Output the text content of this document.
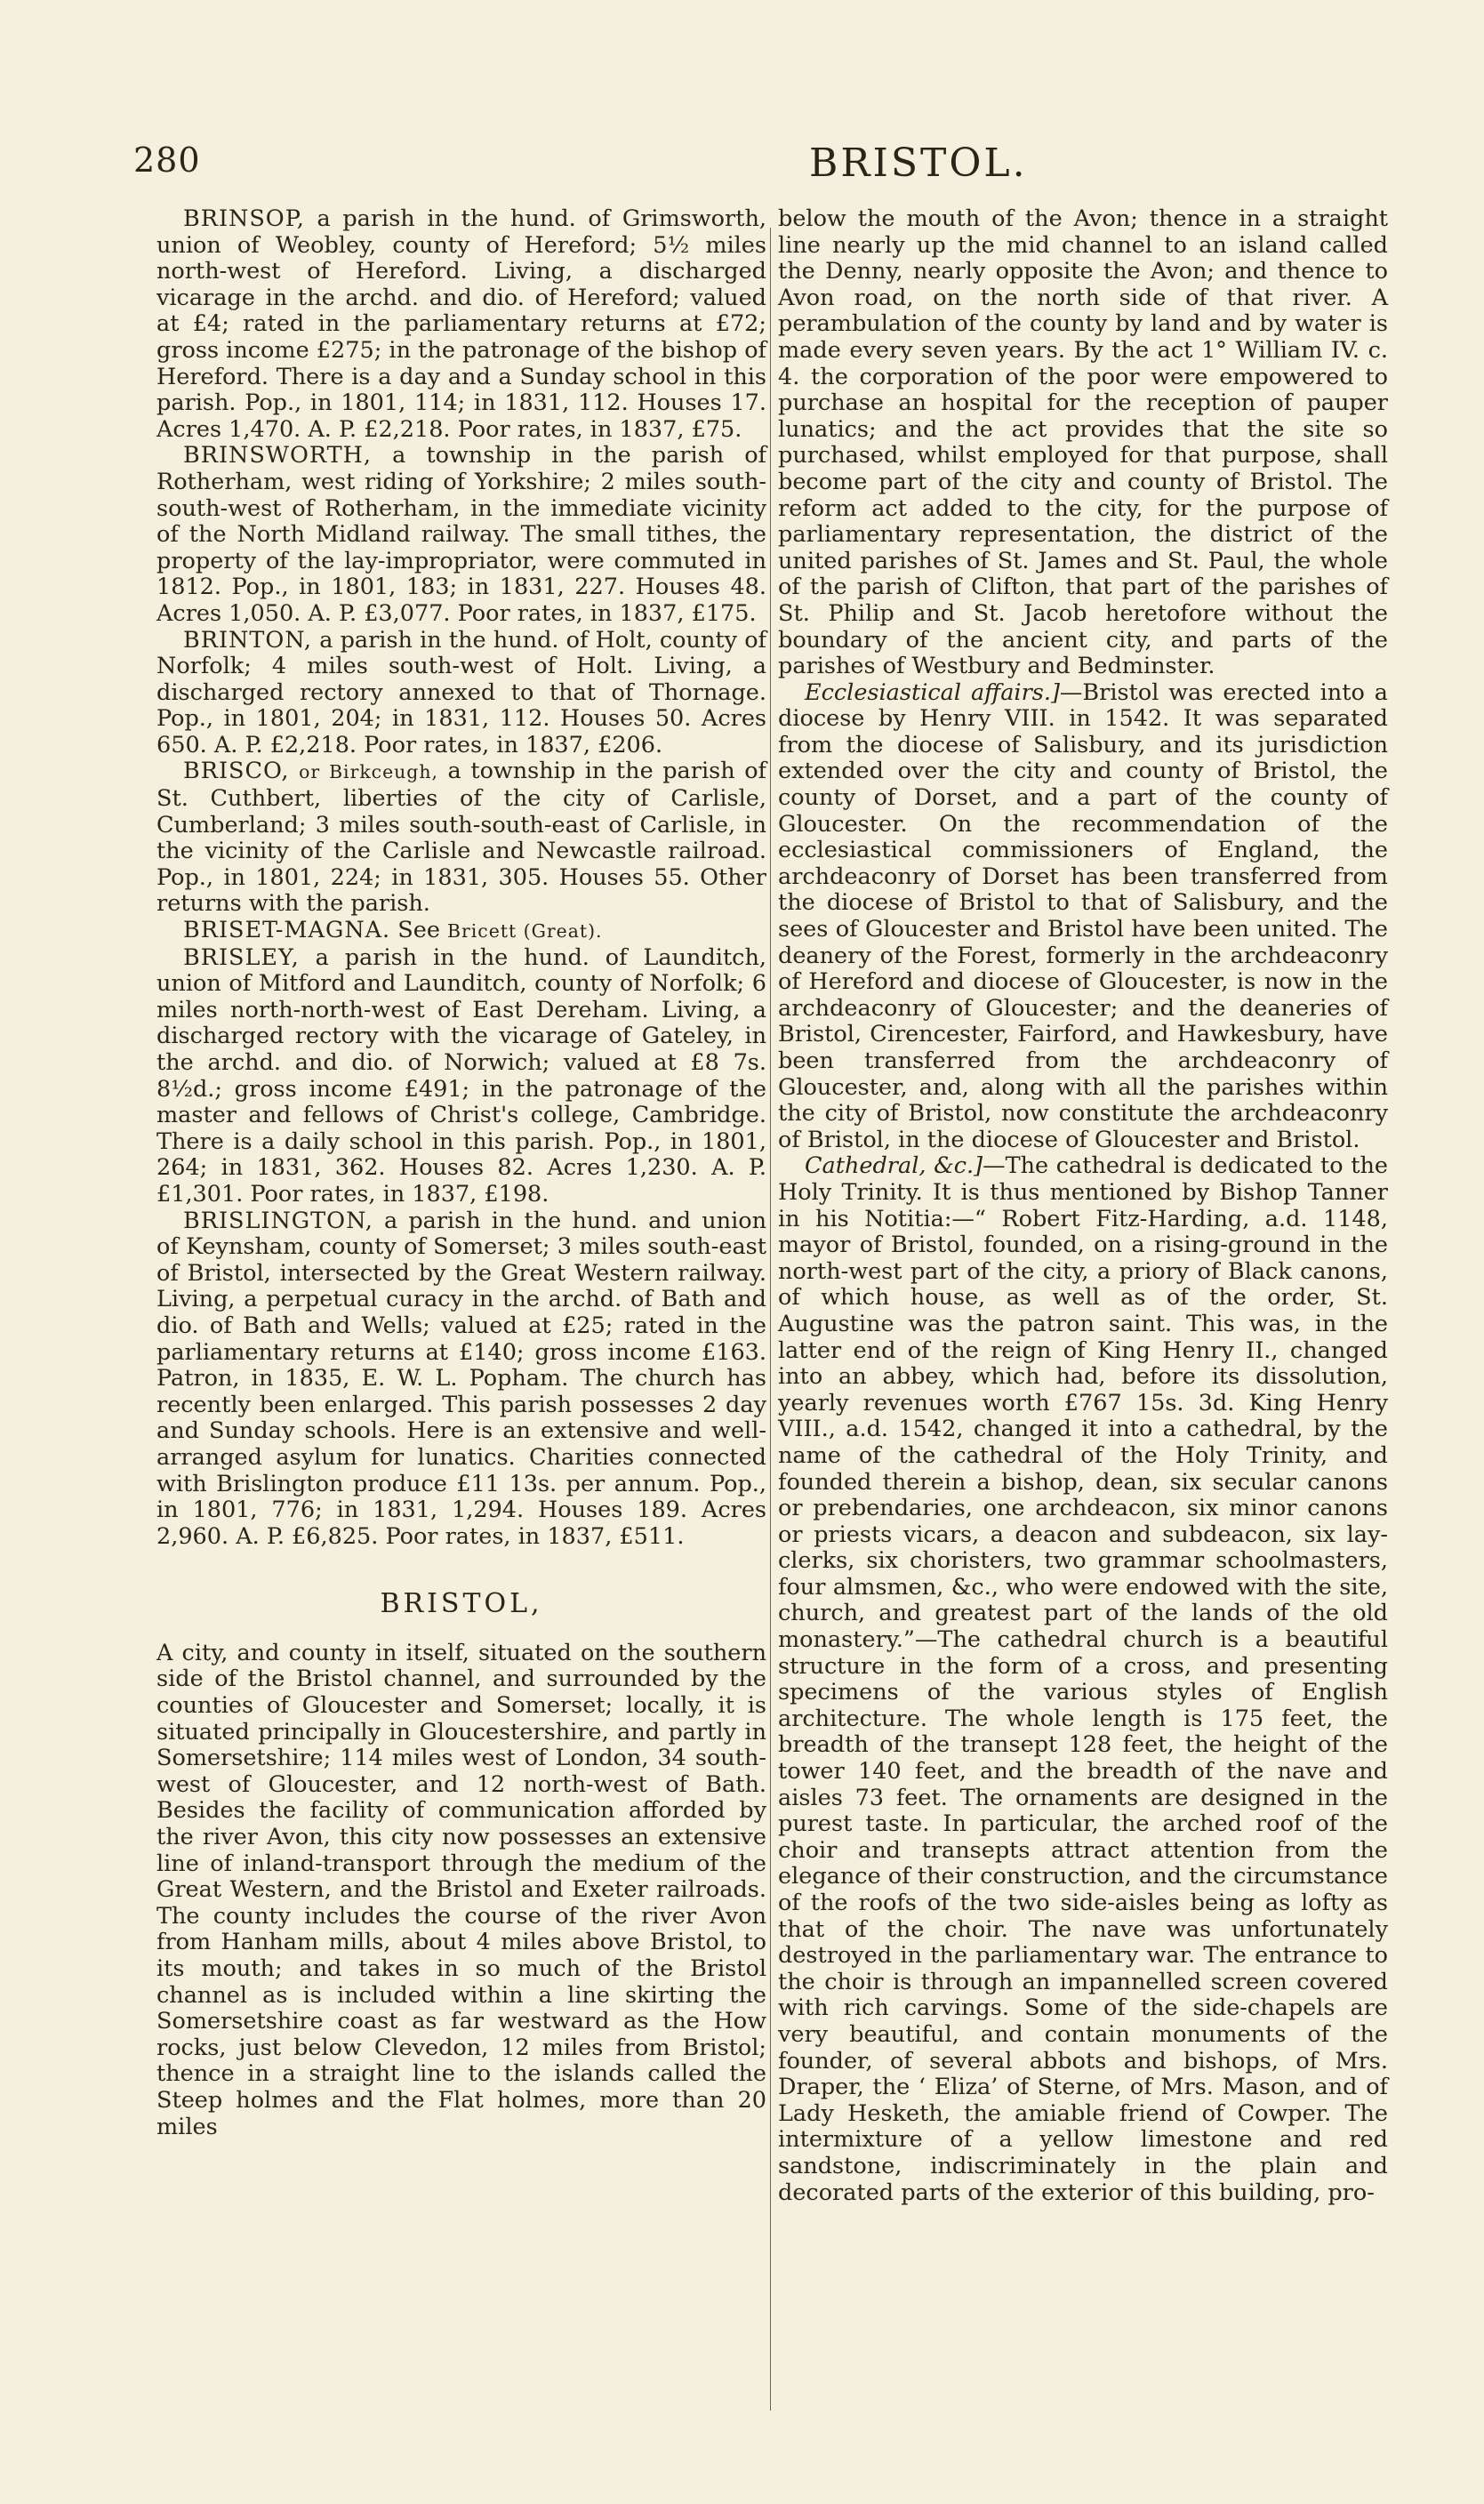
280	BRISTOL.

BRINSOP, a parish in the hund. of Grimsworth, union of Weobley, county of Hereford; 5½ miles north-west of Hereford. Living, a discharged vicarage in the archd. and dio. of Hereford; valued at £4; rated in the parliamentary returns at £72; gross income £275; in the patronage of the bishop of Hereford. There is a day and a Sunday school in this parish. Pop., in 1801, 114; in 1831, 112. Houses 17. Acres 1,470. A. P. £2,218. Poor rates, in 1837, £75.

BRINSWORTH, a township in the parish of Rotherham, west riding of Yorkshire; 2 miles south-south-west of Rotherham, in the immediate vicinity of the North Midland railway. The small tithes, the property of the lay-impropriator, were commuted in 1812. Pop., in 1801, 183; in 1831, 227. Houses 48. Acres 1,050. A. P. £3,077. Poor rates, in 1837, £175.

BRINTON, a parish in the hund. of Holt, county of Norfolk; 4 miles south-west of Holt. Living, a discharged rectory annexed to that of Thornage. Pop., in 1801, 204; in 1831, 112. Houses 50. Acres 650. A. P. £2,218. Poor rates, in 1837, £206.

BRISCO, or Birkceugh, a township in the parish of St. Cuthbert, liberties of the city of Carlisle, Cumberland; 3 miles south-south-east of Carlisle, in the vicinity of the Carlisle and Newcastle railroad. Pop., in 1801, 224; in 1831, 305. Houses 55. Other returns with the parish.

BRISET-MAGNA. See Bricett (Great).

BRISLEY, a parish in the hund. of Launditch, union of Mitford and Launditch, county of Norfolk; 6 miles north-north-west of East Dereham. Living, a discharged rectory with the vicarage of Gateley, in the archd. and dio. of Norwich; valued at £8 7s. 8½d.; gross income £491; in the patronage of the master and fellows of Christ's college, Cambridge. There is a daily school in this parish. Pop., in 1801, 264; in 1831, 362. Houses 82. Acres 1,230. A. P. £1,301. Poor rates, in 1837, £198.

BRISLINGTON, a parish in the hund. and union of Keynsham, county of Somerset; 3 miles south-east of Bristol, intersected by the Great Western railway. Living, a perpetual curacy in the archd. of Bath and dio. of Bath and Wells; valued at £25; rated in the parliamentary returns at £140; gross income £163. Patron, in 1835, E. W. L. Popham. The church has recently been enlarged. This parish possesses 2 day and Sunday schools. Here is an extensive and well-arranged asylum for lunatics. Charities connected with Brislington produce £11 13s. per annum. Pop., in 1801, 776; in 1831, 1,294. Houses 189. Acres 2,960. A. P. £6,825. Poor rates, in 1837, £511.

BRISTOL,

A city, and county in itself, situated on the southern side of the Bristol channel, and surrounded by the counties of Gloucester and Somerset; locally, it is situated principally in Gloucestershire, and partly in Somersetshire; 114 miles west of London, 34 south-west of Gloucester, and 12 north-west of Bath. Besides the facility of communication afforded by the river Avon, this city now possesses an extensive line of inland-transport through the medium of the Great Western, and the Bristol and Exeter railroads. The county includes the course of the river Avon from Hanham mills, about 4 miles above Bristol, to its mouth; and takes in so much of the Bristol channel as is included within a line skirting the Somersetshire coast as far westward as the How rocks, just below Clevedon, 12 miles from Bristol; thence in a straight line to the islands called the Steep holmes and the Flat holmes, more than 20 miles

below the mouth of the Avon; thence in a straight line nearly up the mid channel to an island called the Denny, nearly opposite the Avon; and thence to Avon road, on the north side of that river. A perambulation of the county by land and by water is made every seven years. By the act 1° William IV. c. 4. the corporation of the poor were empowered to purchase an hospital for the reception of pauper lunatics; and the act provides that the site so purchased, whilst employed for that purpose, shall become part of the city and county of Bristol. The reform act added to the city, for the purpose of parliamentary representation, the district of the united parishes of St. James and St. Paul, the whole of the parish of Clifton, that part of the parishes of St. Philip and St. Jacob heretofore without the boundary of the ancient city, and parts of the parishes of Westbury and Bedminster.

Ecclesiastical affairs.]—Bristol was erected into a diocese by Henry VIII. in 1542. It was separated from the diocese of Salisbury, and its jurisdiction extended over the city and county of Bristol, the county of Dorset, and a part of the county of Gloucester. On the recommendation of the ecclesiastical commissioners of England, the archdeaconry of Dorset has been transferred from the diocese of Bristol to that of Salisbury, and the sees of Gloucester and Bristol have been united. The deanery of the Forest, formerly in the archdeaconry of Hereford and diocese of Gloucester, is now in the archdeaconry of Gloucester; and the deaneries of Bristol, Cirencester, Fairford, and Hawkesbury, have been transferred from the archdeaconry of Gloucester, and, along with all the parishes within the city of Bristol, now constitute the archdeaconry of Bristol, in the diocese of Gloucester and Bristol.

Cathedral, &c.]—The cathedral is dedicated to the Holy Trinity. It is thus mentioned by Bishop Tanner in his Notitia:—“ Robert Fitz-Harding, a.d. 1148, mayor of Bristol, founded, on a rising-ground in the north-west part of the city, a priory of Black canons, of which house, as well as of the order, St. Augustine was the patron saint. This was, in the latter end of the reign of King Henry II., changed into an abbey, which had, before its dissolution, yearly revenues worth £767 15s. 3d. King Henry VIII., a.d. 1542, changed it into a cathedral, by the name of the cathedral of the Holy Trinity, and founded therein a bishop, dean, six secular canons or prebendaries, one archdeacon, six minor canons or priests vicars, a deacon and subdeacon, six lay-clerks, six choristers, two grammar schoolmasters, four almsmen, &c., who were endowed with the site, church, and greatest part of the lands of the old monastery.”—The cathedral church is a beautiful structure in the form of a cross, and presenting specimens of the various styles of English architecture. The whole length is 175 feet, the breadth of the transept 128 feet, the height of the tower 140 feet, and the breadth of the nave and aisles 73 feet. The ornaments are designed in the purest taste. In particular, the arched roof of the choir and transepts attract attention from the elegance of their construction, and the circumstance of the roofs of the two side-aisles being as lofty as that of the choir. The nave was unfortunately destroyed in the parliamentary war. The entrance to the choir is through an impannelled screen covered with rich carvings. Some of the side-chapels are very beautiful, and contain monuments of the founder, of several abbots and bishops, of Mrs. Draper, the ‘ Eliza’ of Sterne, of Mrs. Mason, and of Lady Hesketh, the amiable friend of Cowper. The intermixture of a yellow limestone and red sandstone, indiscriminately in the plain and decorated parts of the exterior of this building, pro-
